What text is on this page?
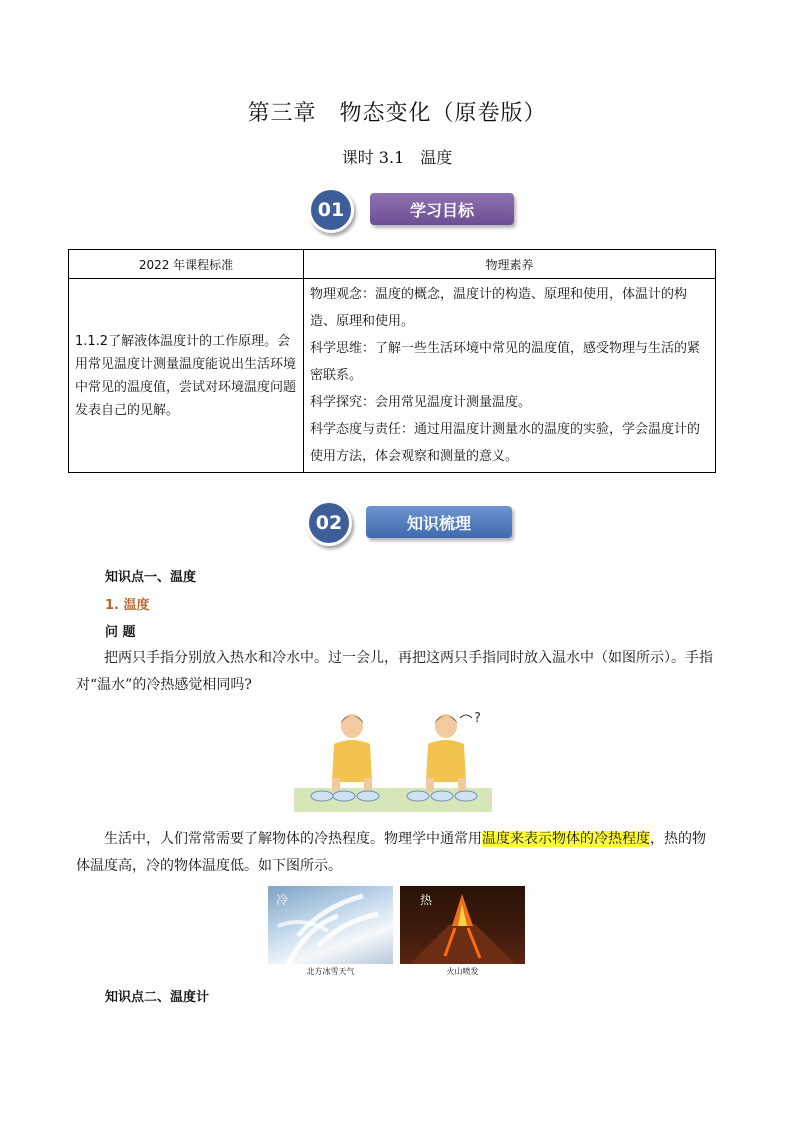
第三章　物态变化（原卷版）
课时 3.1　温度
01	学习目标
2022 年课程标准	物理素养
1.1.2了解液体温度计的工作原理。会用常见温度计测量温度能说出生活环境中常见的温度值，尝试对环境温度问题发表自己的见解。	物理观念：温度的概念，温度计的构造、原理和使用，体温计的构造、原理和使用。
科学思维：了解一些生活环境中常见的温度值，感受物理与生活的紧密联系。
科学探究：会用常见温度计测量温度。
科学态度与责任：通过用温度计测量水的温度的实验，学会温度计的使用方法，体会观察和测量的意义。
02	知识梳理
知识点一、温度
1. 温度
问 题
把两只手指分别放入热水和冷水中。过一会儿，再把这两只手指同时放入温水中（如图所示）。手指对“温水”的冷热感觉相同吗?
?
生活中，人们常常需要了解物体的冷热程度。物理学中通常用温度来表示物体的冷热程度，热的物体温度高，冷的物体温度低。如下图所示。
冷
北方冰雪天气
热
火山喷发
知识点二、温度计
